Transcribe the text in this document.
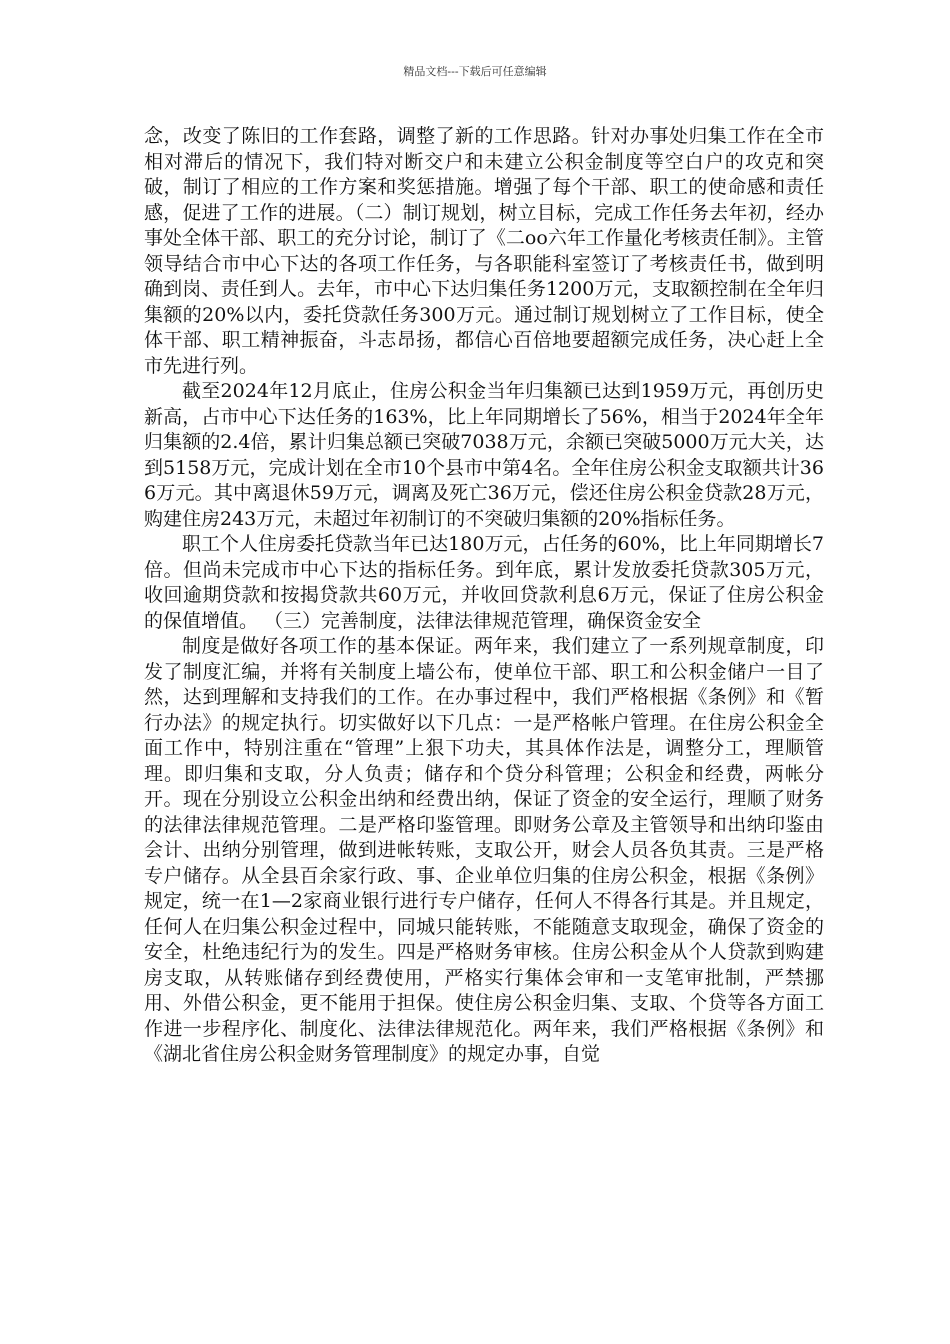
精品文档---下载后可任意编辑

念，改变了陈旧的工作套路，调整了新的工作思路。针对办事处归集工作在全市相对滞后的情况下，我们特对断交户和未建立公积金制度等空白户的攻克和突破，制订了相应的工作方案和奖惩措施。增强了每个干部、职工的使命感和责任感，促进了工作的进展。（二）制订规划，树立目标，完成工作任务去年初，经办事处全体干部、职工的充分讨论，制订了《二oo六年工作量化考核责任制》。主管领导结合市中心下达的各项工作任务，与各职能科室签订了考核责任书，做到明确到岗、责任到人。去年，市中心下达归集任务1200万元，支取额控制在全年归集额的20%以内，委托贷款任务300万元。通过制订规划树立了工作目标，使全体干部、职工精神振奋，斗志昂扬，都信心百倍地要超额完成任务，决心赶上全市先进行列。

截至2024年12月底止，住房公积金当年归集额已达到1959万元，再创历史新高，占市中心下达任务的163%，比上年同期增长了56%，相当于2024年全年归集额的2.4倍，累计归集总额已突破7038万元，余额已突破5000万元大关，达到5158万元，完成计划在全市10个县市中第4名。全年住房公积金支取额共计366万元。其中离退休59万元，调离及死亡36万元，偿还住房公积金贷款28万元，购建住房243万元，未超过年初制订的不突破归集额的20%指标任务。

职工个人住房委托贷款当年已达180万元，占任务的60%，比上年同期增长7倍。但尚未完成市中心下达的指标任务。到年底，累计发放委托贷款305万元，收回逾期贷款和按揭贷款共60万元，并收回贷款利息6万元，保证了住房公积金的保值增值。 （三）完善制度，法律法律规范管理，确保资金安全

制度是做好各项工作的基本保证。两年来，我们建立了一系列规章制度，印发了制度汇编，并将有关制度上墙公布，使单位干部、职工和公积金储户一目了然，达到理解和支持我们的工作。在办事过程中，我们严格根据《条例》和《暂行办法》的规定执行。切实做好以下几点：一是严格帐户管理。在住房公积金全面工作中，特别注重在“管理”上狠下功夫，其具体作法是，调整分工，理顺管理。即归集和支取，分人负责；储存和个贷分科管理；公积金和经费，两帐分开。现在分别设立公积金出纳和经费出纳，保证了资金的安全运行，理顺了财务的法律法律规范管理。二是严格印鉴管理。即财务公章及主管领导和出纳印鉴由会计、出纳分别管理，做到进帐转账，支取公开，财会人员各负其责。三是严格专户储存。从全县百余家行政、事、企业单位归集的住房公积金，根据《条例》规定，统一在1—2家商业银行进行专户储存，任何人不得各行其是。并且规定，任何人在归集公积金过程中，同城只能转账，不能随意支取现金，确保了资金的安全，杜绝违纪行为的发生。四是严格财务审核。住房公积金从个人贷款到购建房支取，从转账储存到经费使用，严格实行集体会审和一支笔审批制，严禁挪用、外借公积金，更不能用于担保。使住房公积金归集、支取、个贷等各方面工作进一步程序化、制度化、法律法律规范化。两年来，我们严格根据《条例》和《湖北省住房公积金财务管理制度》的规定办事，自觉
